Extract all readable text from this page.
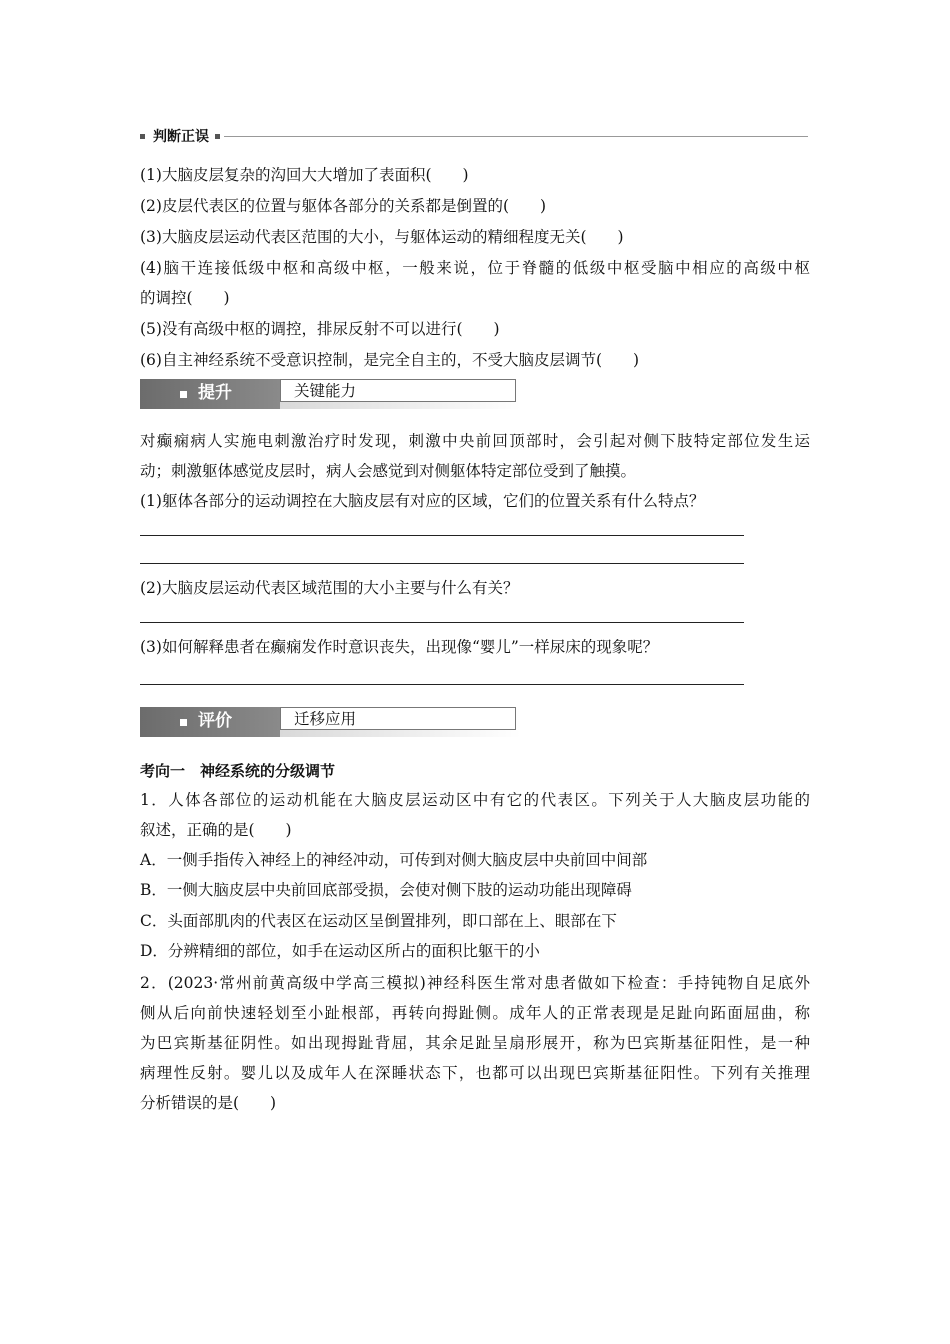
判断正误
(1)大脑皮层复杂的沟回大大增加了表面积(　　)
(2)皮层代表区的位置与躯体各部分的关系都是倒置的(　　)
(3)大脑皮层运动代表区范围的大小，与躯体运动的精细程度无关(　　)
(4)脑干连接低级中枢和高级中枢，一般来说，位于脊髓的低级中枢受脑中相应的高级中枢
的调控(　　)
(5)没有高级中枢的调控，排尿反射不可以进行(　　)
(6)自主神经系统不受意识控制，是完全自主的，不受大脑皮层调节(　　)
提升	关键能力
对癫痫病人实施电刺激治疗时发现，刺激中央前回顶部时，会引起对侧下肢特定部位发生运
动；刺激躯体感觉皮层时，病人会感觉到对侧躯体特定部位受到了触摸。
(1)躯体各部分的运动调控在大脑皮层有对应的区域，它们的位置关系有什么特点？
(2)大脑皮层运动代表区域范围的大小主要与什么有关？
(3)如何解释患者在癫痫发作时意识丧失，出现像“婴儿”一样尿床的现象呢？
评价	迁移应用
考向一　神经系统的分级调节
1．人体各部位的运动机能在大脑皮层运动区中有它的代表区。下列关于人大脑皮层功能的
叙述，正确的是(　　)
A．一侧手指传入神经上的神经冲动，可传到对侧大脑皮层中央前回中间部
B．一侧大脑皮层中央前回底部受损，会使对侧下肢的运动功能出现障碍
C．头面部肌肉的代表区在运动区呈倒置排列，即口部在上、眼部在下
D．分辨精细的部位，如手在运动区所占的面积比躯干的小
2．(2023·常州前黄高级中学高三模拟)神经科医生常对患者做如下检查：手持钝物自足底外
侧从后向前快速轻划至小趾根部，再转向拇趾侧。成年人的正常表现是足趾向跖面屈曲，称
为巴宾斯基征阴性。如出现拇趾背屈，其余足趾呈扇形展开，称为巴宾斯基征阳性，是一种
病理性反射。婴儿以及成年人在深睡状态下，也都可以出现巴宾斯基征阳性。下列有关推理
分析错误的是(　　)
